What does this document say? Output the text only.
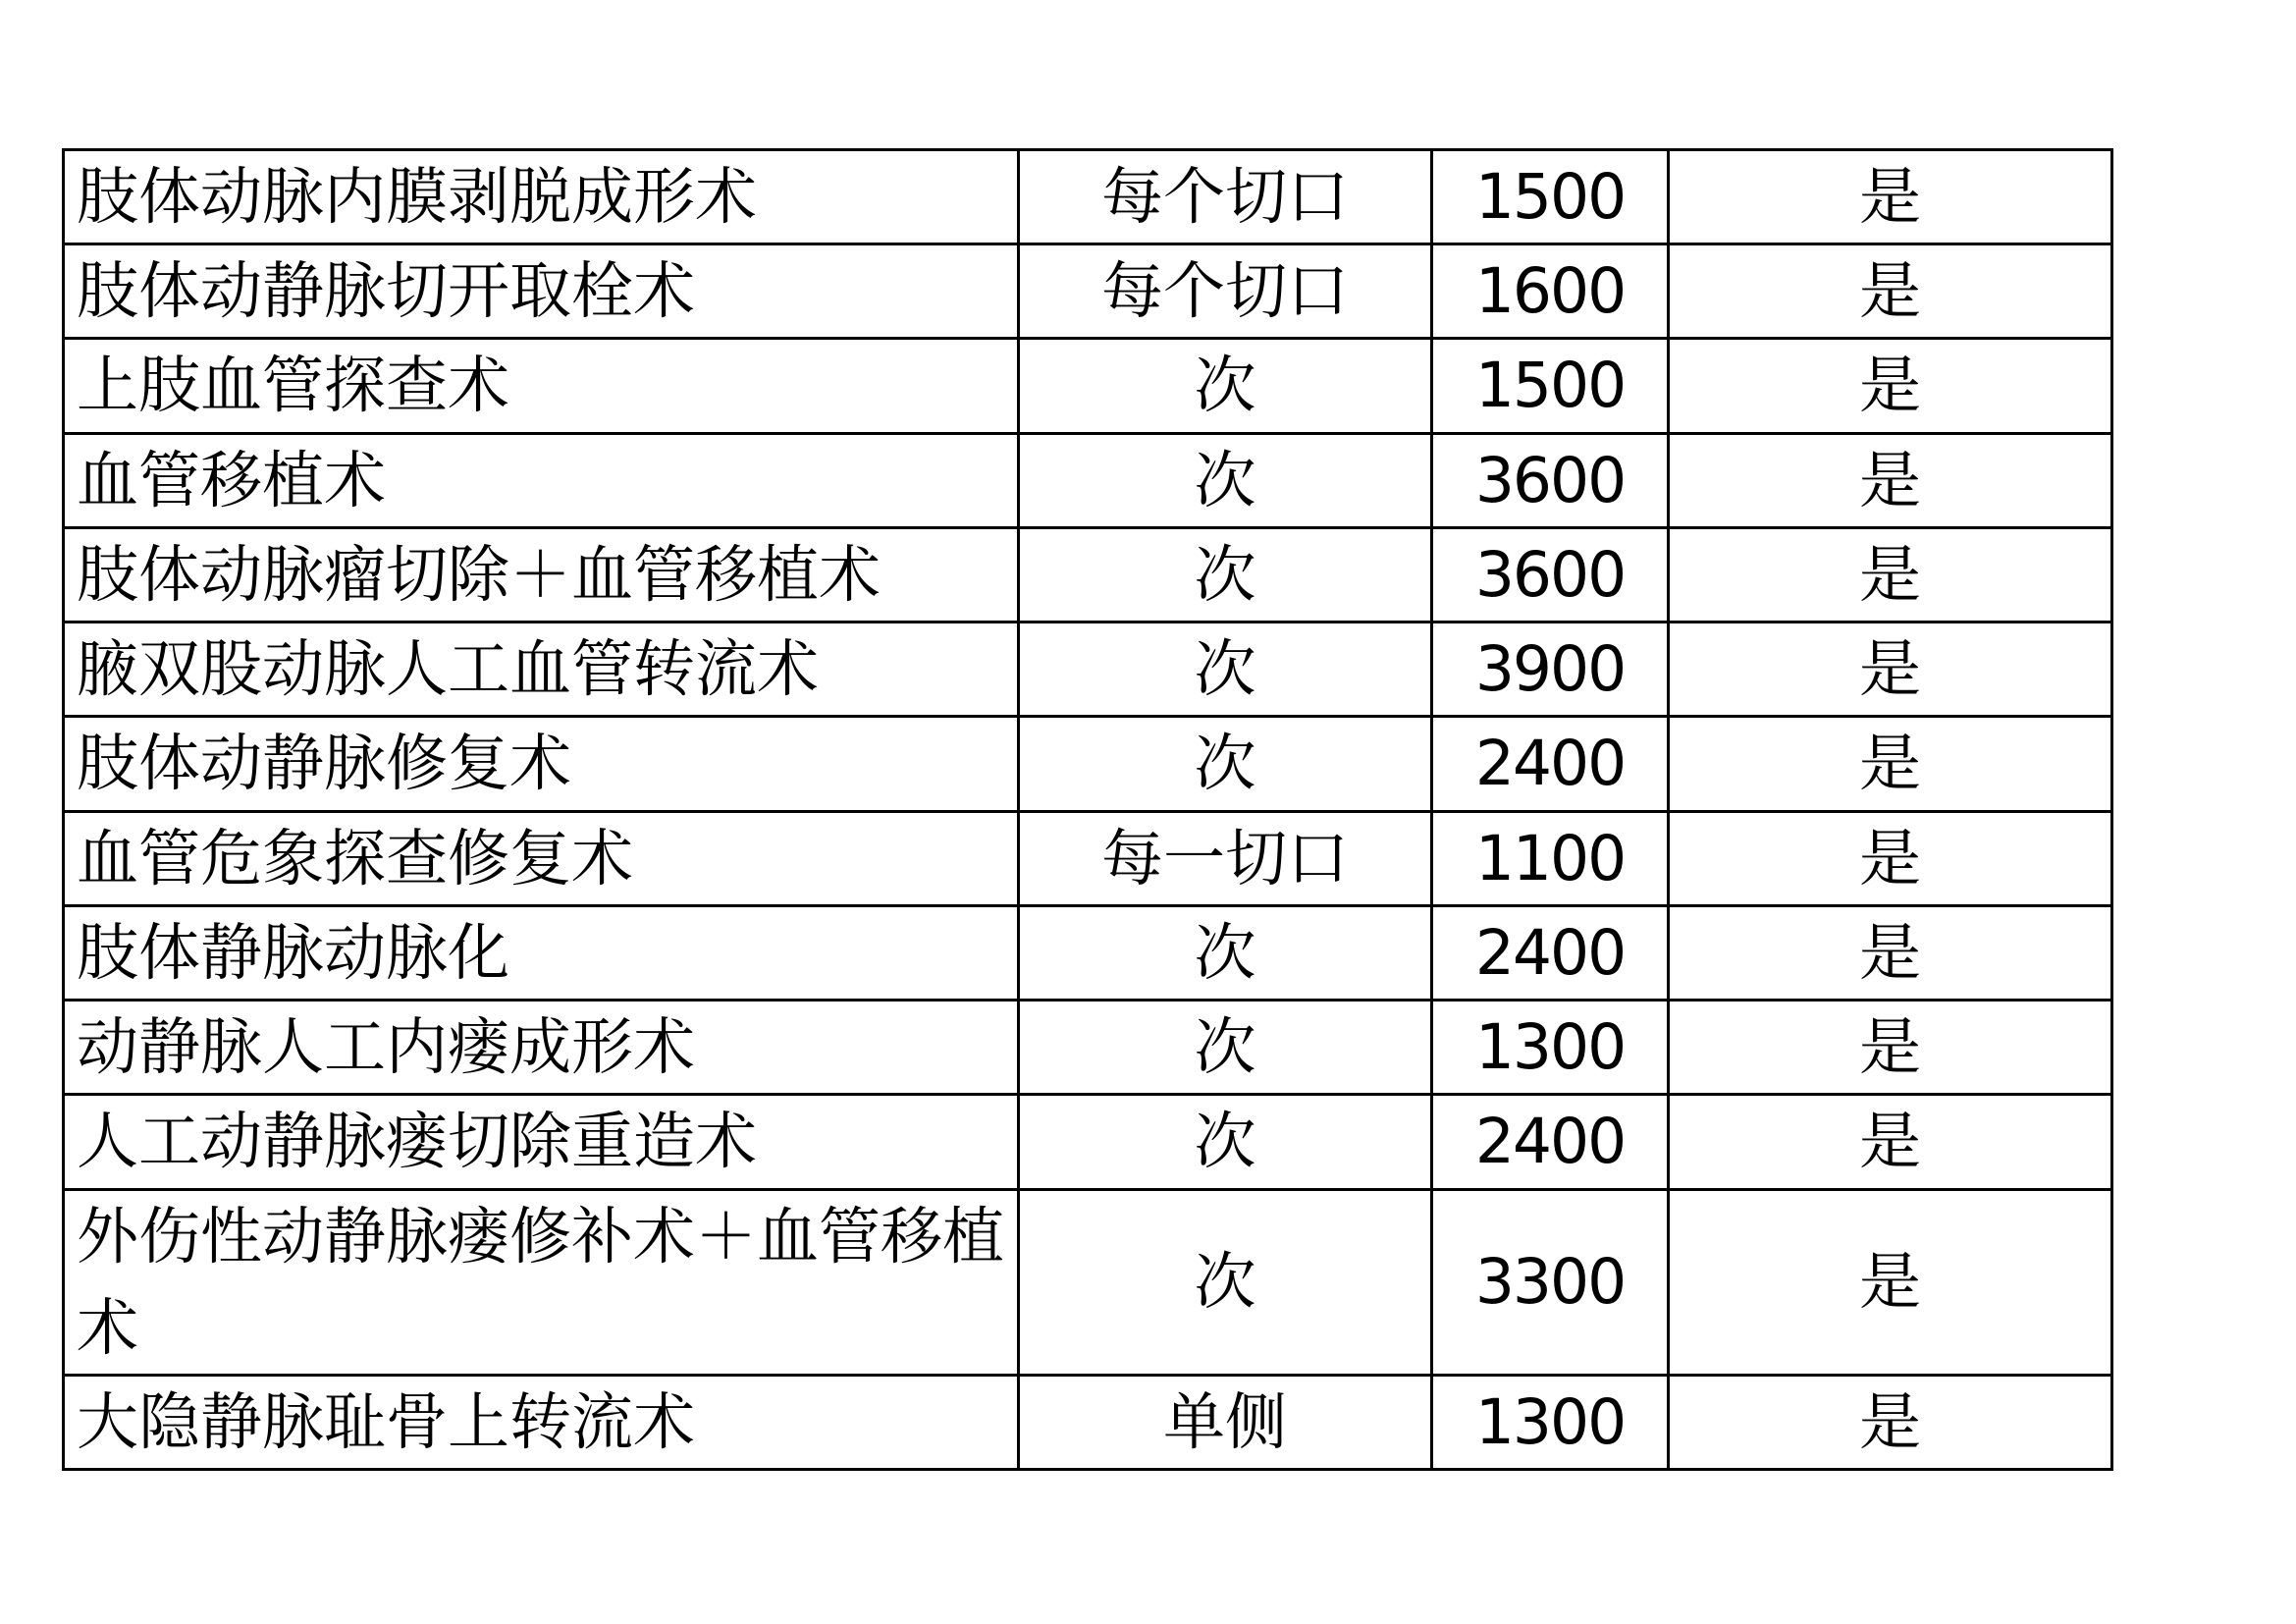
肢体动脉内膜剥脱成形术	每个切口	1500	是
肢体动静脉切开取栓术	每个切口	1600	是
上肢血管探查术	次	1500	是
血管移植术	次	3600	是
肢体动脉瘤切除＋血管移植术	次	3600	是
腋双股动脉人工血管转流术	次	3900	是
肢体动静脉修复术	次	2400	是
血管危象探查修复术	每一切口	1100	是
肢体静脉动脉化	次	2400	是
动静脉人工内瘘成形术	次	1300	是
人工动静脉瘘切除重造术	次	2400	是
外伤性动静脉瘘修补术＋血管移植术	次	3300	是
大隐静脉耻骨上转流术	单侧	1300	是
